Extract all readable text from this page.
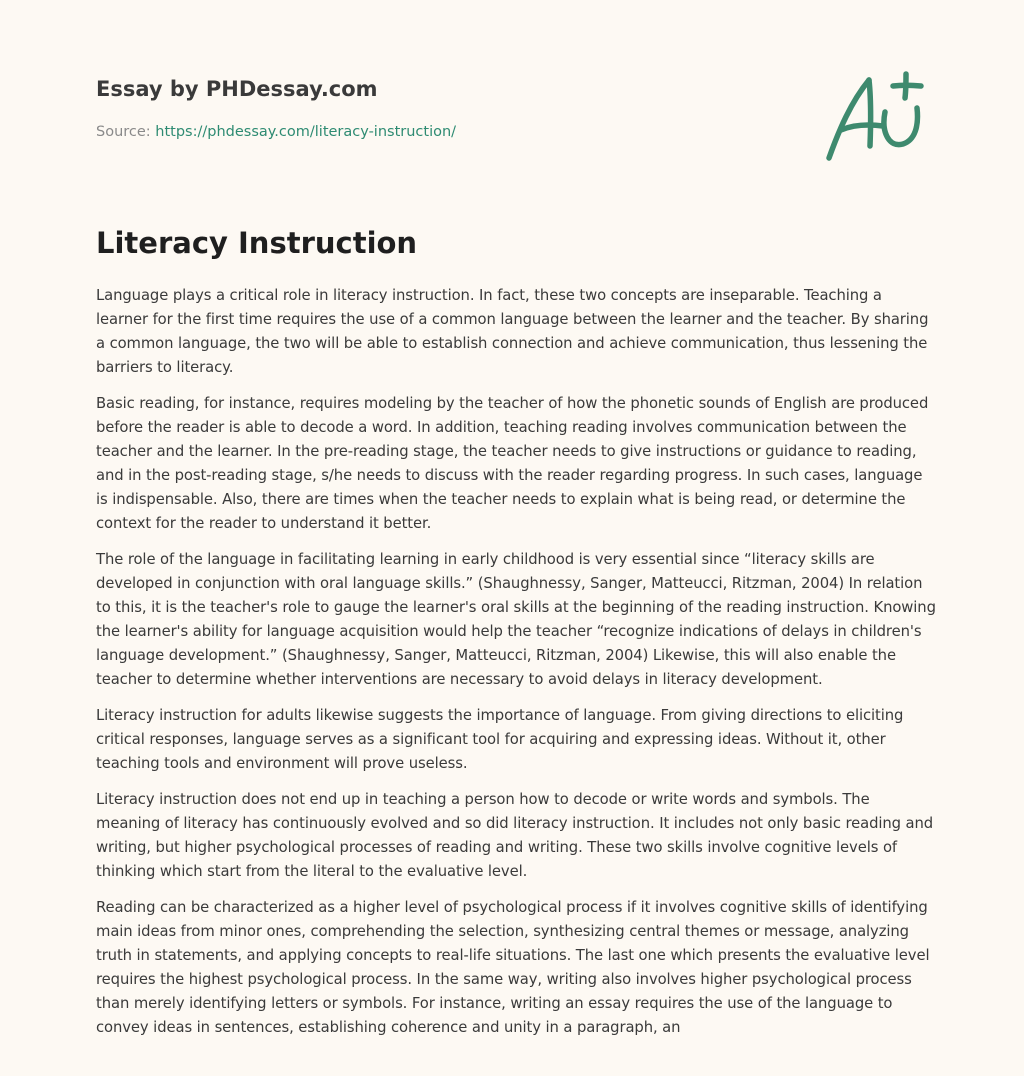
Essay by PHDessay.com
Source: https://phdessay.com/literacy-instruction/
Literacy Instruction

Language plays a critical role in literacy instruction. In fact, these two concepts are inseparable. Teaching a learner for the first time requires the use of a common language between the learner and the teacher. By sharing a common language, the two will be able to establish connection and achieve communication, thus lessening the barriers to literacy.

Basic reading, for instance, requires modeling by the teacher of how the phonetic sounds of English are produced before the reader is able to decode a word. In addition, teaching reading involves communication between the teacher and the learner. In the pre-reading stage, the teacher needs to give instructions or guidance to reading, and in the post-reading stage, s/he needs to discuss with the reader regarding progress. In such cases, language is indispensable. Also, there are times when the teacher needs to explain what is being read, or determine the context for the reader to understand it better.

The role of the language in facilitating learning in early childhood is very essential since “literacy skills are developed in conjunction with oral language skills.” (Shaughnessy, Sanger, Matteucci, Ritzman, 2004) In relation to this, it is the teacher's role to gauge the learner's oral skills at the beginning of the reading instruction. Knowing the learner's ability for language acquisition would help the teacher “recognize indications of delays in children's language development.” (Shaughnessy, Sanger, Matteucci, Ritzman, 2004) Likewise, this will also enable the teacher to determine whether interventions are necessary to avoid delays in literacy development.

Literacy instruction for adults likewise suggests the importance of language. From giving directions to eliciting critical responses, language serves as a significant tool for acquiring and expressing ideas. Without it, other teaching tools and environment will prove useless.

Literacy instruction does not end up in teaching a person how to decode or write words and symbols. The meaning of literacy has continuously evolved and so did literacy instruction. It includes not only basic reading and writing, but higher psychological processes of reading and writing. These two skills involve cognitive levels of thinking which start from the literal to the evaluative level.

Reading can be characterized as a higher level of psychological process if it involves cognitive skills of identifying main ideas from minor ones, comprehending the selection, synthesizing central themes or message, analyzing truth in statements, and applying concepts to real-life situations. The last one which presents the evaluative level requires the highest psychological process. In the same way, writing also involves higher psychological process than merely identifying letters or symbols. For instance, writing an essay requires the use of the language to convey ideas in sentences, establishing coherence and unity in a paragraph, an
